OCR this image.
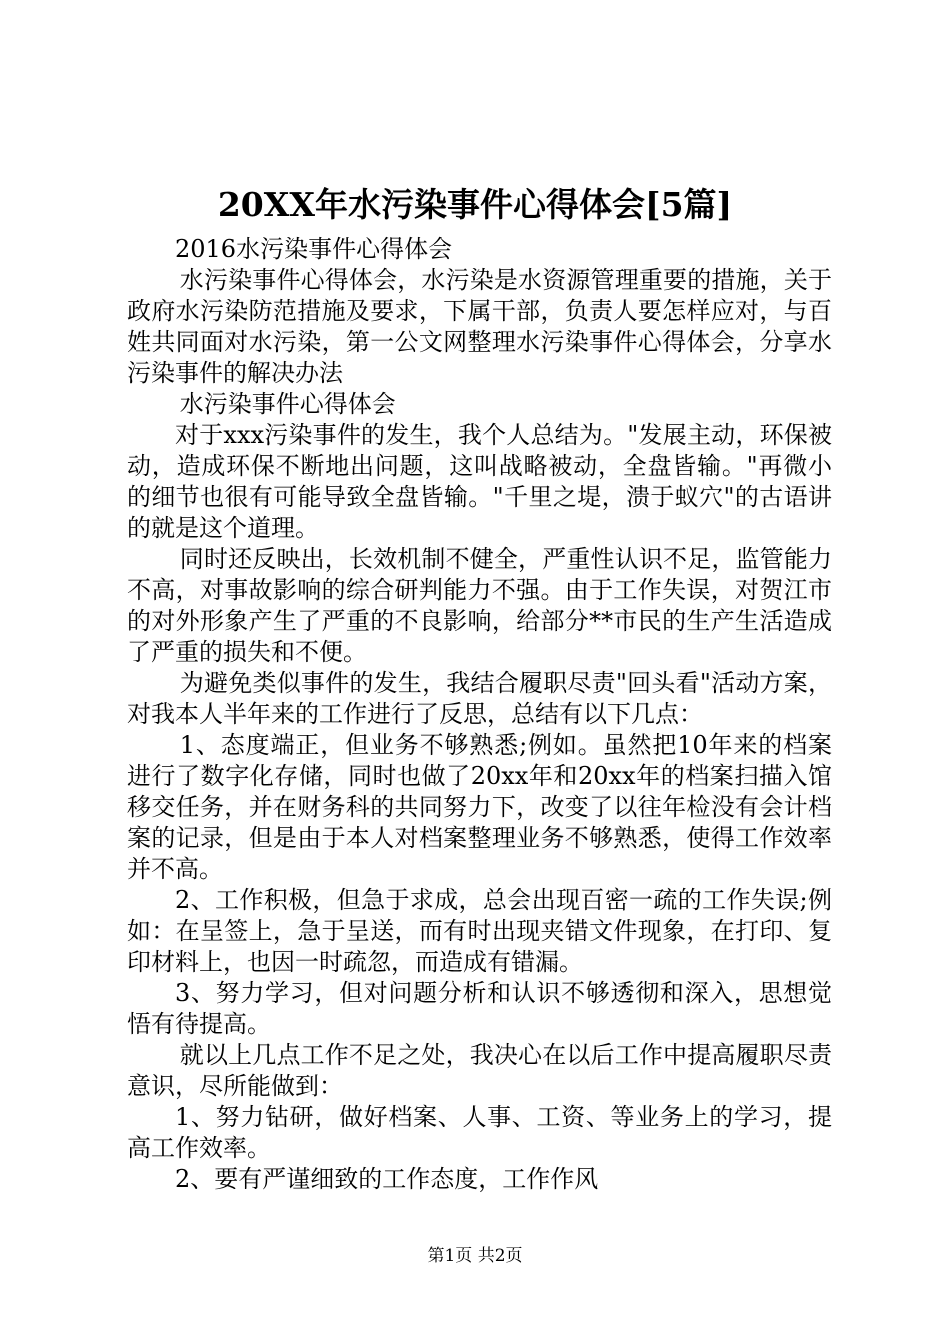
20XX年水污染事件心得体会[5篇]

2016水污染事件心得体会

水污染事件心得体会，水污染是水资源管理重要的措施，关于政府水污染防范措施及要求，下属干部，负责人要怎样应对，与百姓共同面对水污染，第一公文网整理水污染事件心得体会，分享水污染事件的解决办法

水污染事件心得体会

对于xxx污染事件的发生，我个人总结为。"发展主动，环保被动，造成环保不断地出问题，这叫战略被动，全盘皆输。"再微小的细节也很有可能导致全盘皆输。"千里之堤，溃于蚁穴"的古语讲的就是这个道理。

同时还反映出，长效机制不健全，严重性认识不足，监管能力不高，对事故影响的综合研判能力不强。由于工作失误，对贺江市的对外形象产生了严重的不良影响，给部分**市民的生产生活造成了严重的损失和不便。

为避免类似事件的发生，我结合履职尽责"回头看"活动方案，对我本人半年来的工作进行了反思，总结有以下几点：

1、态度端正，但业务不够熟悉;例如。虽然把10年来的档案进行了数字化存储，同时也做了20xx年和20xx年的档案扫描入馆移交任务，并在财务科的共同努力下，改变了以往年检没有会计档案的记录，但是由于本人对档案整理业务不够熟悉，使得工作效率并不高。

2、工作积极，但急于求成，总会出现百密一疏的工作失误;例如：在呈签上，急于呈送，而有时出现夹错文件现象，在打印、复印材料上，也因一时疏忽，而造成有错漏。

3、努力学习，但对问题分析和认识不够透彻和深入，思想觉悟有待提高。

就以上几点工作不足之处，我决心在以后工作中提高履职尽责意识，尽所能做到：

1、努力钻研，做好档案、人事、工资、等业务上的学习，提高工作效率。

2、要有严谨细致的工作态度，工作作风

第1页 共2页
